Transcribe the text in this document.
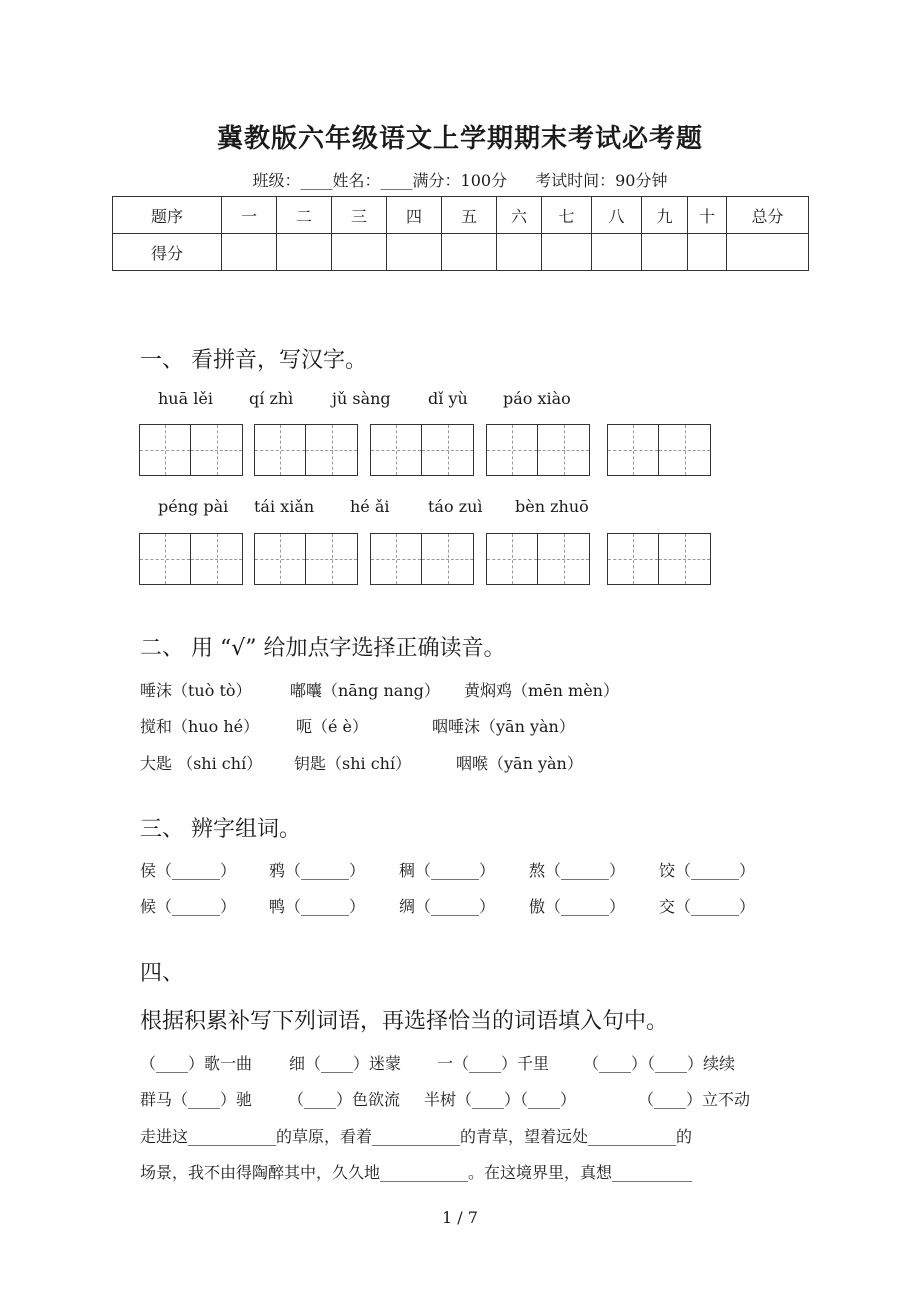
冀教版六年级语文上学期期末考试必考题
班级：____姓名：____满分：100分 考试时间：90分钟
题序	一	二	三	四	五	六	七	八	九	十	总分
得分											
一、 看拼音，写汉字。
huā lěi qí zhì jǔ sàng dǐ yù páo xiào
péng pài tái xiǎn hé ǎi táo zuì bèn zhuō
二、 用 “√” 给加点字选择正确读音。
唾沫（tuò tò） 嘟囔（nāng nang） 黄焖鸡（mēn mèn）
搅和（huo hé） 呃（é è）	咽唾沫（yān yàn）
大匙 （shi chí） 钥匙（shi chí）	咽喉（yān yàn）
三、 辨字组词。
侯（______） 鸦（______） 稠（______） 熬（______） 饺（______）
候（______） 鸭（______） 绸（______） 傲（______） 交（______）
四、
根据积累补写下列词语，再选择恰当的词语填入句中。
（____）歌一曲 细（____）迷蒙 一（____）千里 （____）（____）续续
群马（____）驰 （____）色欲流 半树（____）（____）	（____）立不动
走进这___________的草原，看着___________的青草，望着远处___________的
场景，我不由得陶醉其中，久久地___________。在这境界里，真想__________
1 / 7
